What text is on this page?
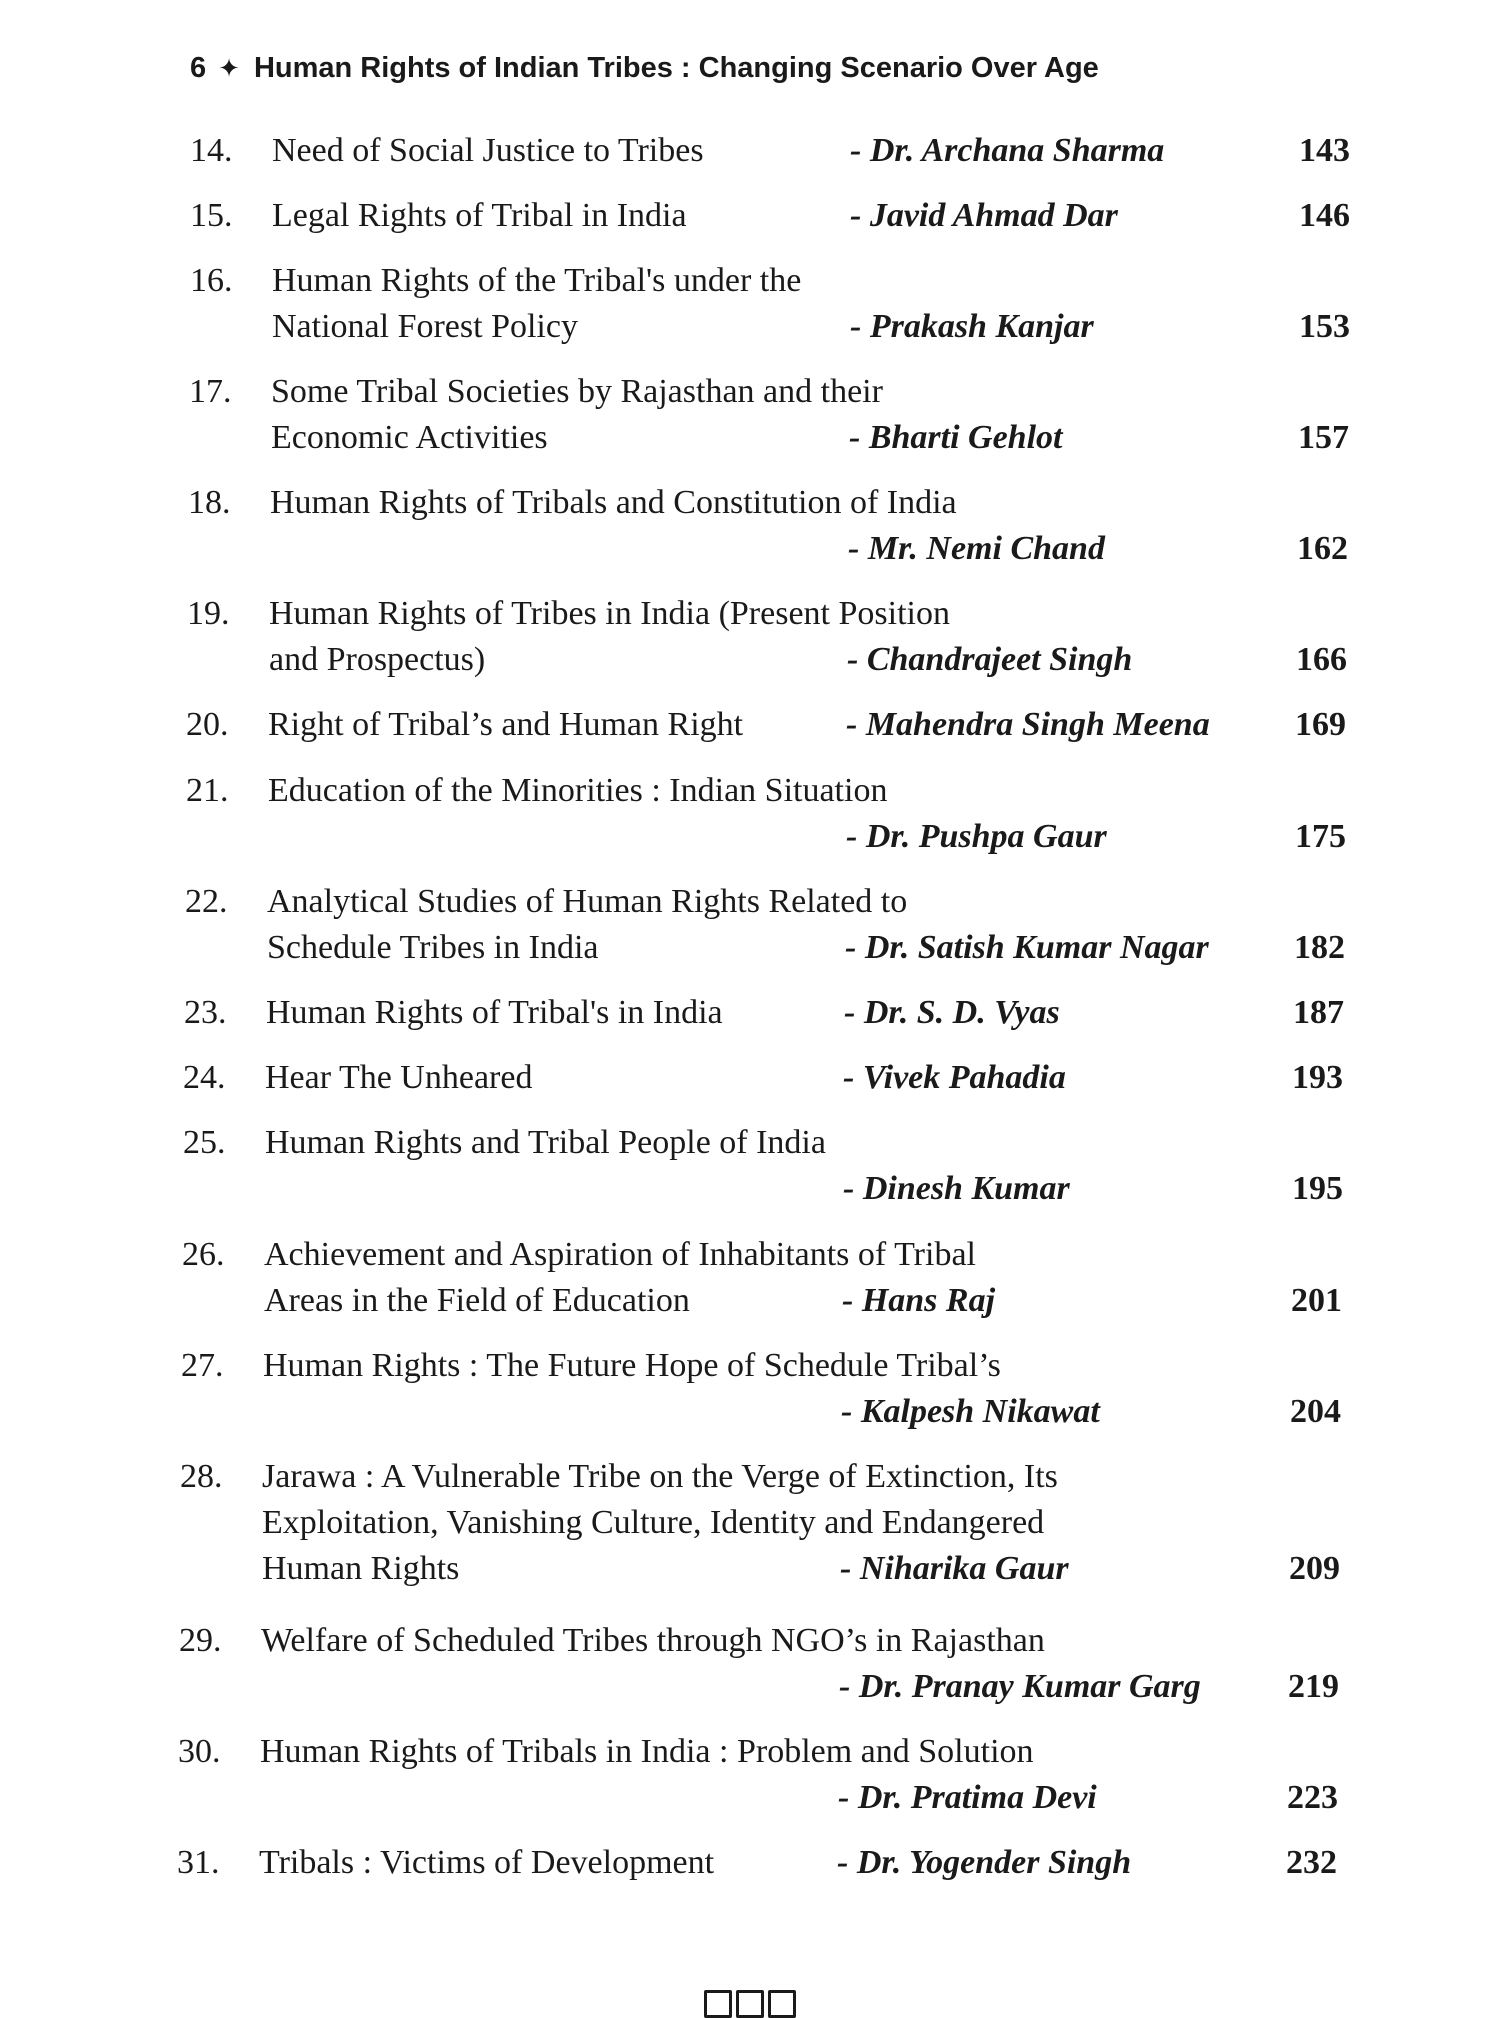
6 ✦ Human Rights of Indian Tribes : Changing Scenario Over Age
14.	Need of Social Justice to Tribes	- Dr. Archana Sharma	143
15.	Legal Rights of Tribal in India	- Javid Ahmad Dar	146
16.	Human Rights of the Tribal's under the
National Forest Policy	- Prakash Kanjar	153
17.	Some Tribal Societies by Rajasthan and their
Economic Activities	- Bharti Gehlot	157
18.	Human Rights of Tribals and Constitution of India
- Mr. Nemi Chand	162
19.	Human Rights of Tribes in India (Present Position
and Prospectus)	- Chandrajeet Singh	166
20.	Right of Tribal’s and Human Right	- Mahendra Singh Meena	169
21.	Education of the Minorities : Indian Situation
- Dr. Pushpa Gaur	175
22.	Analytical Studies of Human Rights Related to
Schedule Tribes in India	- Dr. Satish Kumar Nagar	182
23.	Human Rights of Tribal's in India	- Dr. S. D. Vyas	187
24.	Hear The Unheared	- Vivek Pahadia	193
25.	Human Rights and Tribal People of India
- Dinesh Kumar	195
26.	Achievement and Aspiration of Inhabitants of Tribal
Areas in the Field of Education	- Hans Raj	201
27.	Human Rights : The Future Hope of Schedule Tribal’s
- Kalpesh Nikawat	204
28.	Jarawa : A Vulnerable Tribe on the Verge of Extinction, Its
Exploitation, Vanishing Culture, Identity and Endangered
Human Rights	- Niharika Gaur	209
29.	Welfare of Scheduled Tribes through NGO’s in Rajasthan
- Dr. Pranay Kumar Garg	219
30.	Human Rights of Tribals in India : Problem and Solution
- Dr. Pratima Devi	223
31.	Tribals : Victims of Development	- Dr. Yogender Singh	232
